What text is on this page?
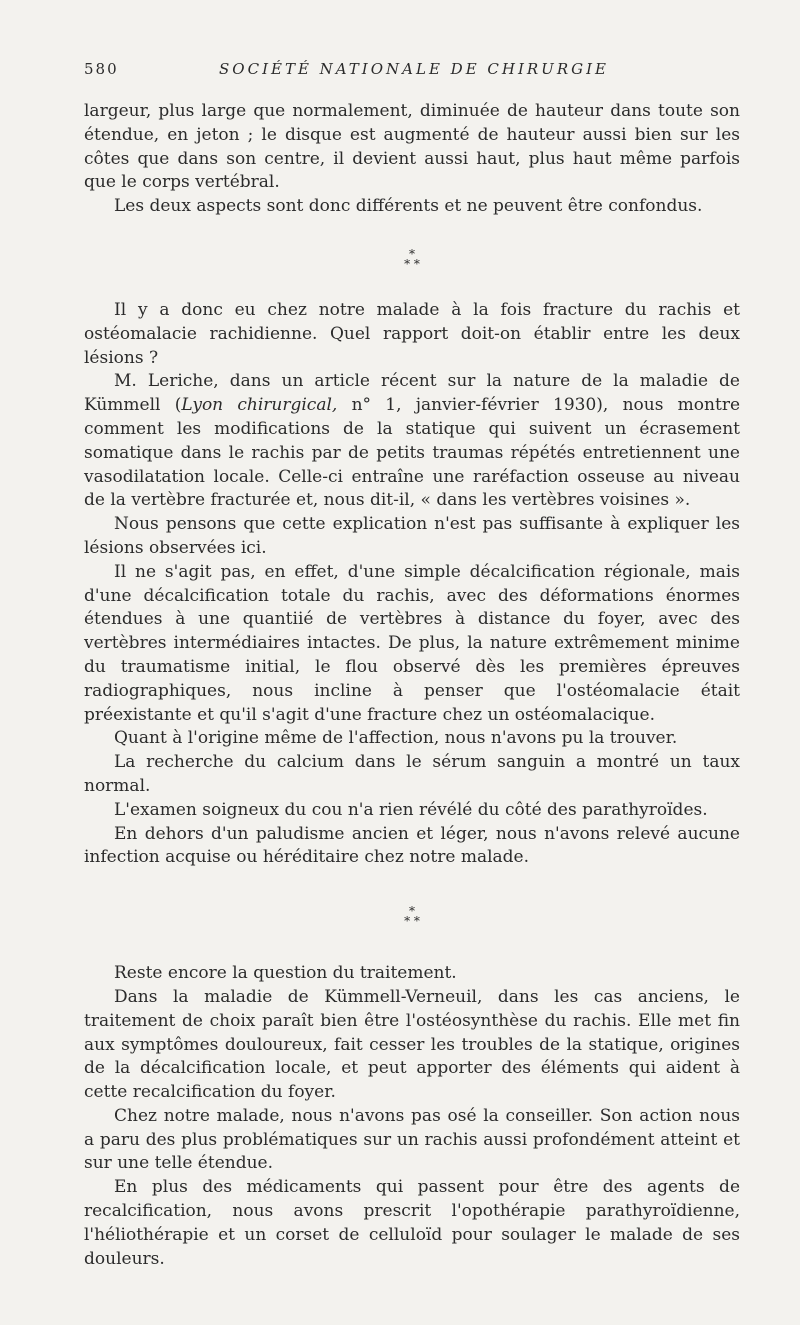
580	SOCIÉTÉ NATIONALE DE CHIRURGIE

largeur, plus large que normalement, diminuée de hauteur dans toute son étendue, en jeton ; le disque est augmenté de hauteur aussi bien sur les côtes que dans son centre, il devient aussi haut, plus haut même parfois que le corps vertébral.

Les deux aspects sont donc différents et ne peuvent être confondus.

*
* *

Il y a donc eu chez notre malade à la fois fracture du rachis et ostéomalacie rachidienne. Quel rapport doit-on établir entre les deux lésions ?

M. Leriche, dans un article récent sur la nature de la maladie de Kümmell (Lyon chirurgical, n° 1, janvier-février 1930), nous montre comment les modifications de la statique qui suivent un écrasement somatique dans le rachis par de petits traumas répétés entretiennent une vasodilatation locale. Celle-ci entraîne une raréfaction osseuse au niveau de la vertèbre fracturée et, nous dit-il, « dans les vertèbres voisines ».

Nous pensons que cette explication n'est pas suffisante à expliquer les lésions observées ici.

Il ne s'agit pas, en effet, d'une simple décalcification régionale, mais d'une décalcification totale du rachis, avec des déformations énormes étendues à une quantiié de vertèbres à distance du foyer, avec des vertèbres intermédiaires intactes. De plus, la nature extrêmement minime du traumatisme initial, le flou observé dès les premières épreuves radiographiques, nous incline à penser que l'ostéomalacie était préexistante et qu'il s'agit d'une fracture chez un ostéomalacique.

Quant à l'origine même de l'affection, nous n'avons pu la trouver.

La recherche du calcium dans le sérum sanguin a montré un taux normal.

L'examen soigneux du cou n'a rien révélé du côté des parathyroïdes.

En dehors d'un paludisme ancien et léger, nous n'avons relevé aucune infection acquise ou héréditaire chez notre malade.

*
* *

Reste encore la question du traitement.

Dans la maladie de Kümmell-Verneuil, dans les cas anciens, le traitement de choix paraît bien être l'ostéosynthèse du rachis. Elle met fin aux symptômes douloureux, fait cesser les troubles de la statique, origines de la décalcification locale, et peut apporter des éléments qui aident à cette recalcification du foyer.

Chez notre malade, nous n'avons pas osé la conseiller. Son action nous a paru des plus problématiques sur un rachis aussi profondément atteint et sur une telle étendue.

En plus des médicaments qui passent pour être des agents de recalcification, nous avons prescrit l'opothérapie parathyroïdienne, l'héliothérapie et un corset de celluloïd pour soulager le malade de ses douleurs.
